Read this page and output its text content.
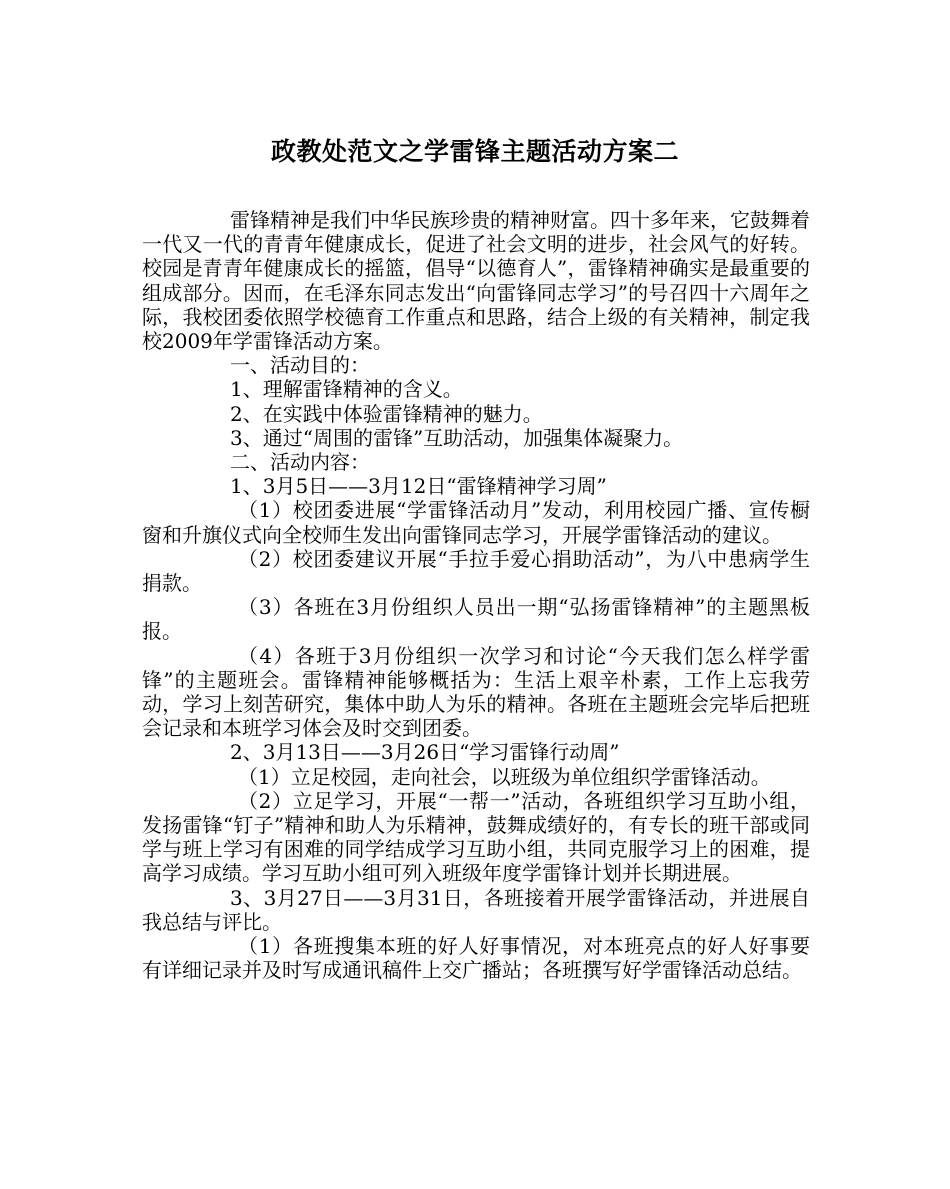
政教处范文之学雷锋主题活动方案二

雷锋精神是我们中华民族珍贵的精神财富。四十多年来，它鼓舞着一代又一代的青青年健康成长，促进了社会文明的进步，社会风气的好转。校园是青青年健康成长的摇篮，倡导“以德育人”，雷锋精神确实是最重要的组成部分。因而，在毛泽东同志发出“向雷锋同志学习”的号召四十六周年之际，我校团委依照学校德育工作重点和思路，结合上级的有关精神，制定我校2009年学雷锋活动方案。

一、活动目的：

1、理解雷锋精神的含义。

2、在实践中体验雷锋精神的魅力。

3、通过“周围的雷锋”互助活动，加强集体凝聚力。

二、活动内容：

1、3月5日——3月12日“雷锋精神学习周”

（1）校团委进展“学雷锋活动月”发动，利用校园广播、宣传橱窗和升旗仪式向全校师生发出向雷锋同志学习，开展学雷锋活动的建议。

（2）校团委建议开展“手拉手爱心捐助活动”，为八中患病学生捐款。

（3）各班在3月份组织人员出一期“弘扬雷锋精神”的主题黑板报。

（4）各班于3月份组织一次学习和讨论“今天我们怎么样学雷锋”的主题班会。雷锋精神能够概括为：生活上艰辛朴素，工作上忘我劳动，学习上刻苦研究，集体中助人为乐的精神。各班在主题班会完毕后把班会记录和本班学习体会及时交到团委。

2、3月13日——3月26日“学习雷锋行动周”

（1）立足校园，走向社会，以班级为单位组织学雷锋活动。

（2）立足学习，开展“一帮一”活动，各班组织学习互助小组，发扬雷锋“钉子”精神和助人为乐精神，鼓舞成绩好的，有专长的班干部或同学与班上学习有困难的同学结成学习互助小组，共同克服学习上的困难，提高学习成绩。学习互助小组可列入班级年度学雷锋计划并长期进展。

3、3月27日——3月31日，各班接着开展学雷锋活动，并进展自我总结与评比。

（1）各班搜集本班的好人好事情况，对本班亮点的好人好事要有详细记录并及时写成通讯稿件上交广播站；各班撰写好学雷锋活动总结。
